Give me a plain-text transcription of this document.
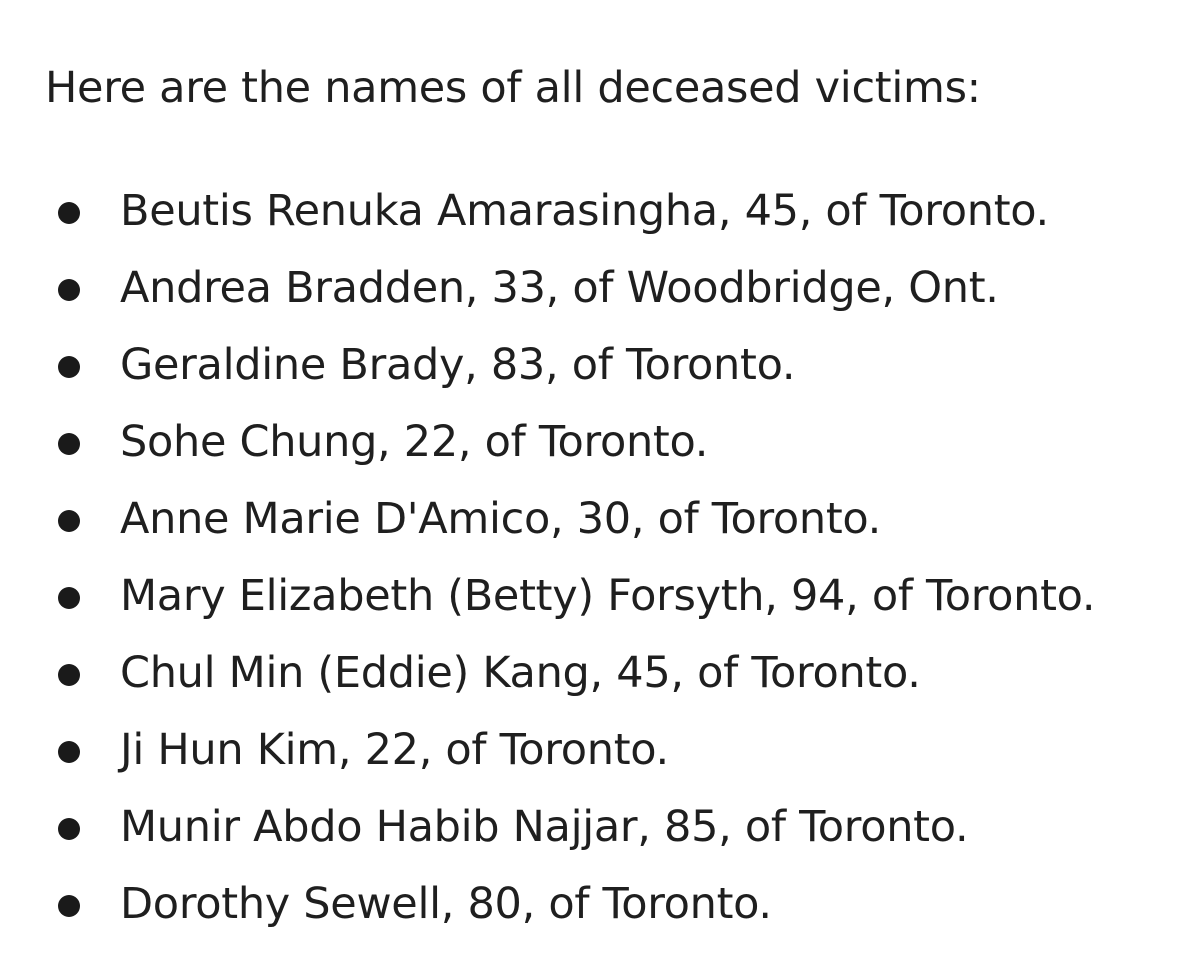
Here are the names of all deceased victims:

Beutis Renuka Amarasingha, 45, of Toronto.
Andrea Bradden, 33, of Woodbridge, Ont.
Geraldine Brady, 83, of Toronto.
Sohe Chung, 22, of Toronto.
Anne Marie D'Amico, 30, of Toronto.
Mary Elizabeth (Betty) Forsyth, 94, of Toronto.
Chul Min (Eddie) Kang, 45, of Toronto.
Ji Hun Kim, 22, of Toronto.
Munir Abdo Habib Najjar, 85, of Toronto.
Dorothy Sewell, 80, of Toronto.
